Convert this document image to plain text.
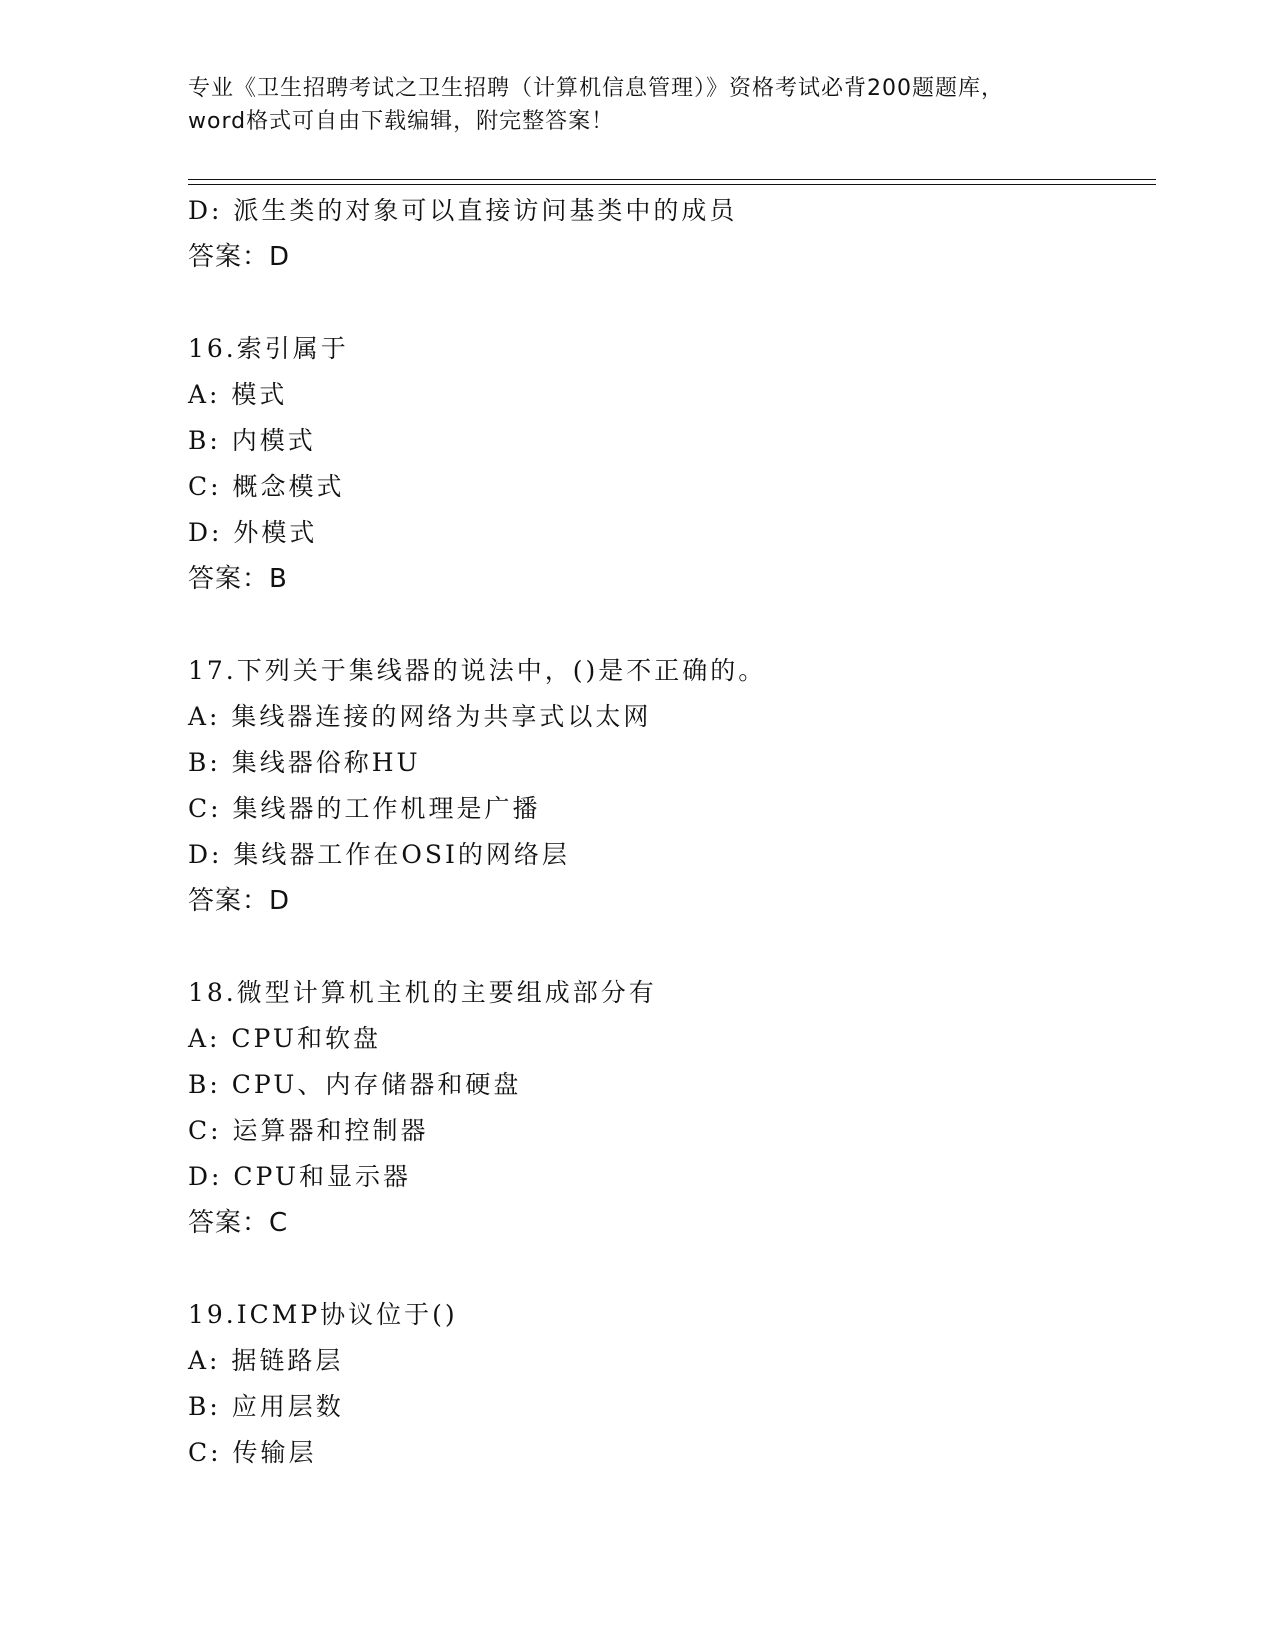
专业《卫生招聘考试之卫生招聘（计算机信息管理）》资格考试必背200题题库，
word格式可自由下载编辑，附完整答案！
D: 派生类的对象可以直接访问基类中的成员
答案：D
16.索引属于
A: 模式
B: 内模式
C: 概念模式
D: 外模式
答案：B
17.下列关于集线器的说法中，()是不正确的。
A: 集线器连接的网络为共享式以太网
B: 集线器俗称HU
C: 集线器的工作机理是广播
D: 集线器工作在OSI的网络层
答案：D
18.微型计算机主机的主要组成部分有
A: CPU和软盘
B: CPU、内存储器和硬盘
C: 运算器和控制器
D: CPU和显示器
答案：C
19.ICMP协议位于()
A: 据链路层
B: 应用层数
C: 传输层
